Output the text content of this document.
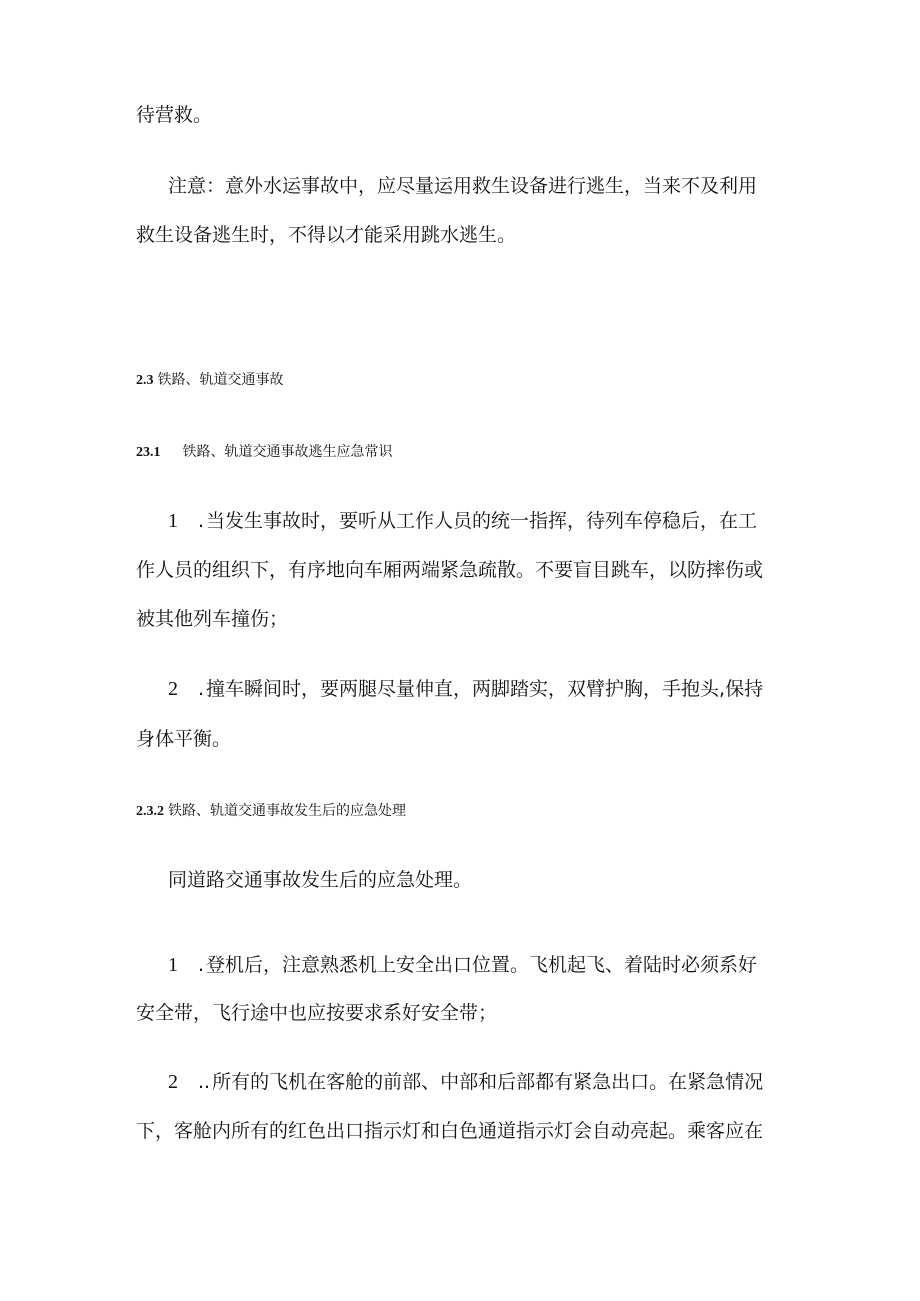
待营救。
注意：意外水运事故中，应尽量运用救生设备进行逃生，当来不及利用
救生设备逃生时，不得以才能采用跳水逃生。
2.3 铁路、轨道交通事故
23.1 铁路、轨道交通事故逃生应急常识
1 . 当发生事故时，要听从工作人员的统一指挥，待列车停稳后，在工
作人员的组织下，有序地向车厢两端紧急疏散。不要盲目跳车，以防摔伤或
被其他列车撞伤；
2 . 撞车瞬间时，要两腿尽量伸直，两脚踏实，双臂护胸，手抱头,保持
身体平衡。
2.3.2 铁路、轨道交通事故发生后的应急处理
同道路交通事故发生后的应急处理。
1 . 登机后，注意熟悉机上安全出口位置。飞机起飞、着陆时必须系好
安全带，飞行途中也应按要求系好安全带；
2 .. 所有的飞机在客舱的前部、中部和后部都有紧急出口。在紧急情况
下，客舱内所有的红色出口指示灯和白色通道指示灯会自动亮起。乘客应在
